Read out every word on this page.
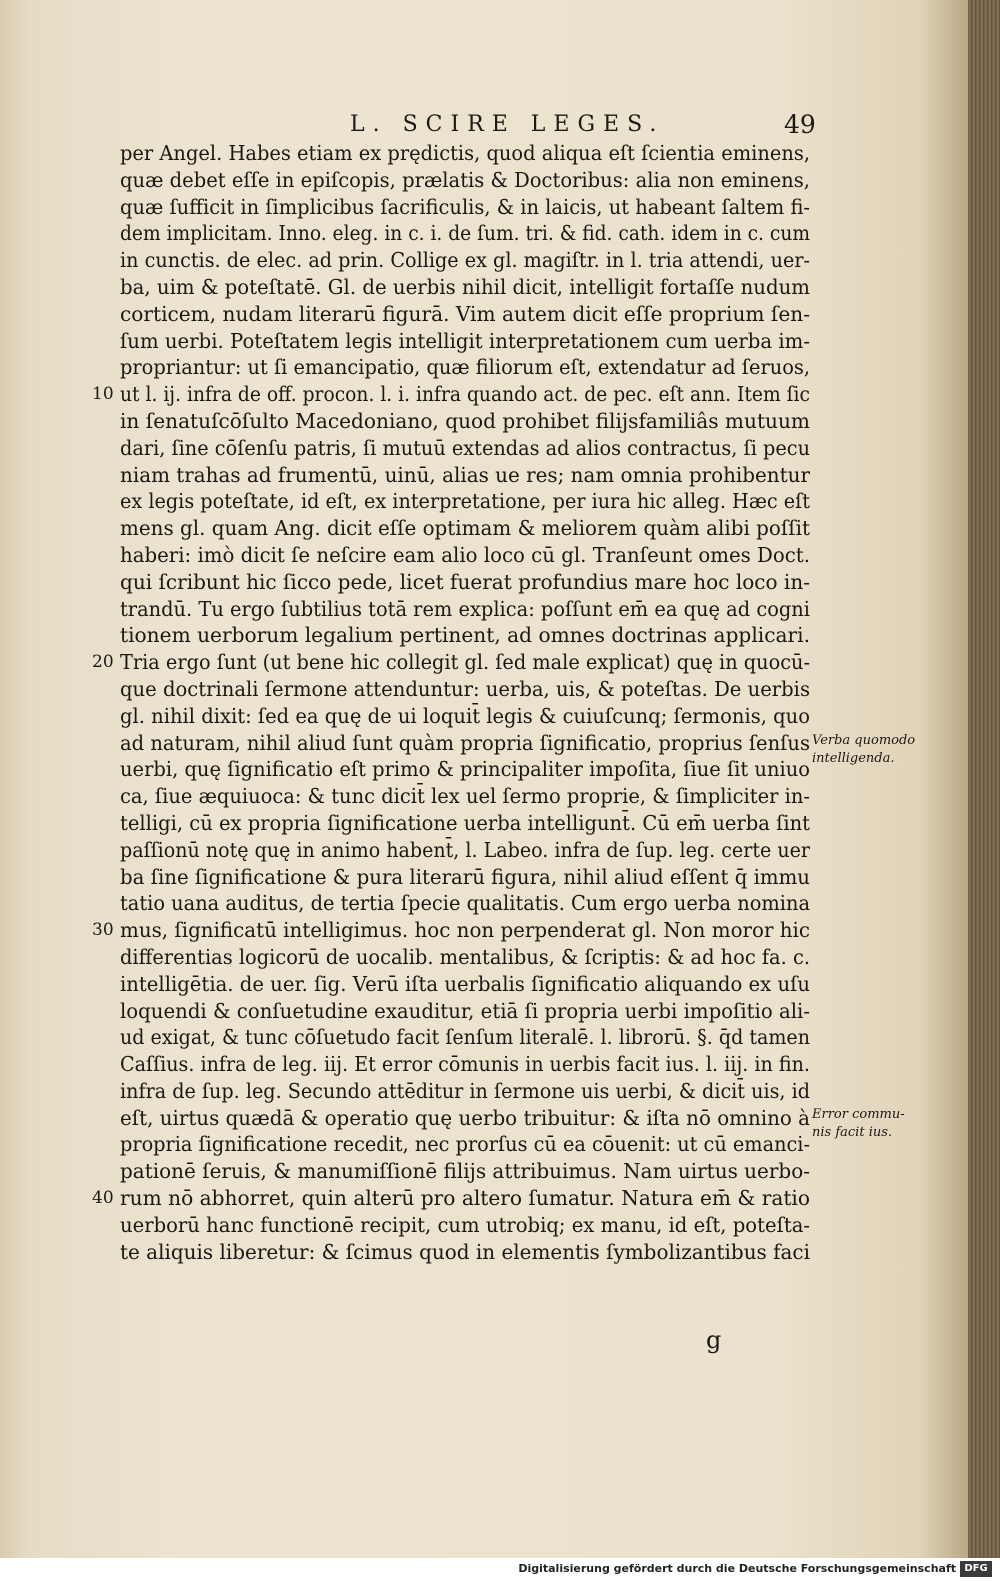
L. SCIRE LEGES.	49
per Angel. Habes etiam ex prędictis, quod aliqua eſt ſcientia eminens,
quæ debet eſſe in epiſcopis, prælatis & Doctoribus: alia non eminens,
quæ ſufficit in ſimplicibus ſacrificulis, & in laicis, ut habeant ſaltem fi-
dem implicitam. Inno. eleg. in c. i. de ſum. tri. & fid. cath. idem in c. cum
in cunctis. de elec. ad prin. Collige ex gl. magiſtr. in l. tria attendi, uer-
ba, uim & poteſtatē. Gl. de uerbis nihil dicit, intelligit fortaſſe nudum
corticem, nudam literarū figurā. Vim autem dicit eſſe proprium ſen-
ſum uerbi. Poteſtatem legis intelligit interpretationem cum uerba im-
propriantur: ut ſi emancipatio, quæ filiorum eſt, extendatur ad ſeruos,
ut l. ij. infra de off. procon. l. i. infra quando act. de pec. eſt ann. Item ſic
10
in ſenatuſcōſulto Macedoniano, quod prohibet filijsfamiliâs mutuum
dari, ſine cōſenſu patris, ſi mutuū extendas ad alios contractus, ſi pecu
niam trahas ad frumentū, uinū, alias ue res; nam omnia prohibentur
ex legis poteſtate, id eſt, ex interpretatione, per iura hic alleg. Hæc eſt
mens gl. quam Ang. dicit eſſe optimam & meliorem quàm alibi poſſit
haberi: imò dicit ſe neſcire eam alio loco cū gl. Tranſeunt omes Doct.
qui ſcribunt hic ſicco pede, licet fuerat profundius mare hoc loco in-
trandū. Tu ergo ſubtilius totā rem explica: poſſunt em̄ ea quę ad cogni
tionem uerborum legalium pertinent, ad omnes doctrinas applicari.
Tria ergo ſunt (ut bene hic collegit gl. ſed male explicat) quę in quocū-
20
que doctrinali ſermone attenduntur: uerba, uis, & poteſtas. De uerbis
gl. nihil dixit: ſed ea quę de ui loquit̄ legis & cuiuſcunq; ſermonis, quo
ad naturam, nihil aliud ſunt quàm propria ſignificatio, proprius ſenſus
uerbi, quę ſignificatio eſt primo & principaliter impoſita, ſiue ſit uniuo
ca, ſiue æquiuoca: & tunc dicit̄ lex uel ſermo proprie, & ſimpliciter in-
telligi, cū ex propria ſignificatione uerba intelligunt̄. Cū em̄ uerba ſint
paſſionū notę quę in animo habent̄, l. Labeo. infra de ſup. leg. certe uer
ba ſine ſignificatione & pura literarū figura, nihil aliud eſſent q̄ immu
tatio uana auditus, de tertia ſpecie qualitatis. Cum ergo uerba nomina
mus, ſignificatū intelligimus. hoc non perpenderat gl. Non moror hic
30
differentias logicorū de uocalib. mentalibus, & ſcriptis: & ad hoc fa. c.
intelligētia. de uer. ſig. Verū iſta uerbalis ſignificatio aliquando ex uſu
loquendi & conſuetudine exauditur, etiā ſi propria uerbi impoſitio ali-
ud exigat, & tunc cōſuetudo facit ſenſum literalē. l. librorū. §. q̄d tamen
Caſſius. infra de leg. iij. Et error cōmunis in uerbis facit ius. l. iij. in fin.
infra de ſup. leg. Secundo attēditur in ſermone uis uerbi, & dicit̄ uis, id
eſt, uirtus quædā & operatio quę uerbo tribuitur: & iſta nō omnino à
propria ſignificatione recedit, nec prorſus cū ea cōuenit: ut cū emanci-
pationē ſeruis, & manumiſſionē filijs attribuimus. Nam uirtus uerbo-
rum nō abhorret, quin alterū pro altero ſumatur. Natura em̄ & ratio
40
uerborū hanc functionē recipit, cum utrobiq; ex manu, id eſt, poteſta-
te aliquis liberetur: & ſcimus quod in elementis ſymbolizantibus faci
Verba quomodo
intelligenda.
Error commu-
nis facit ius.
g
Digitalisierung gefördert durch die Deutsche Forschungsgemeinschaft DFG
